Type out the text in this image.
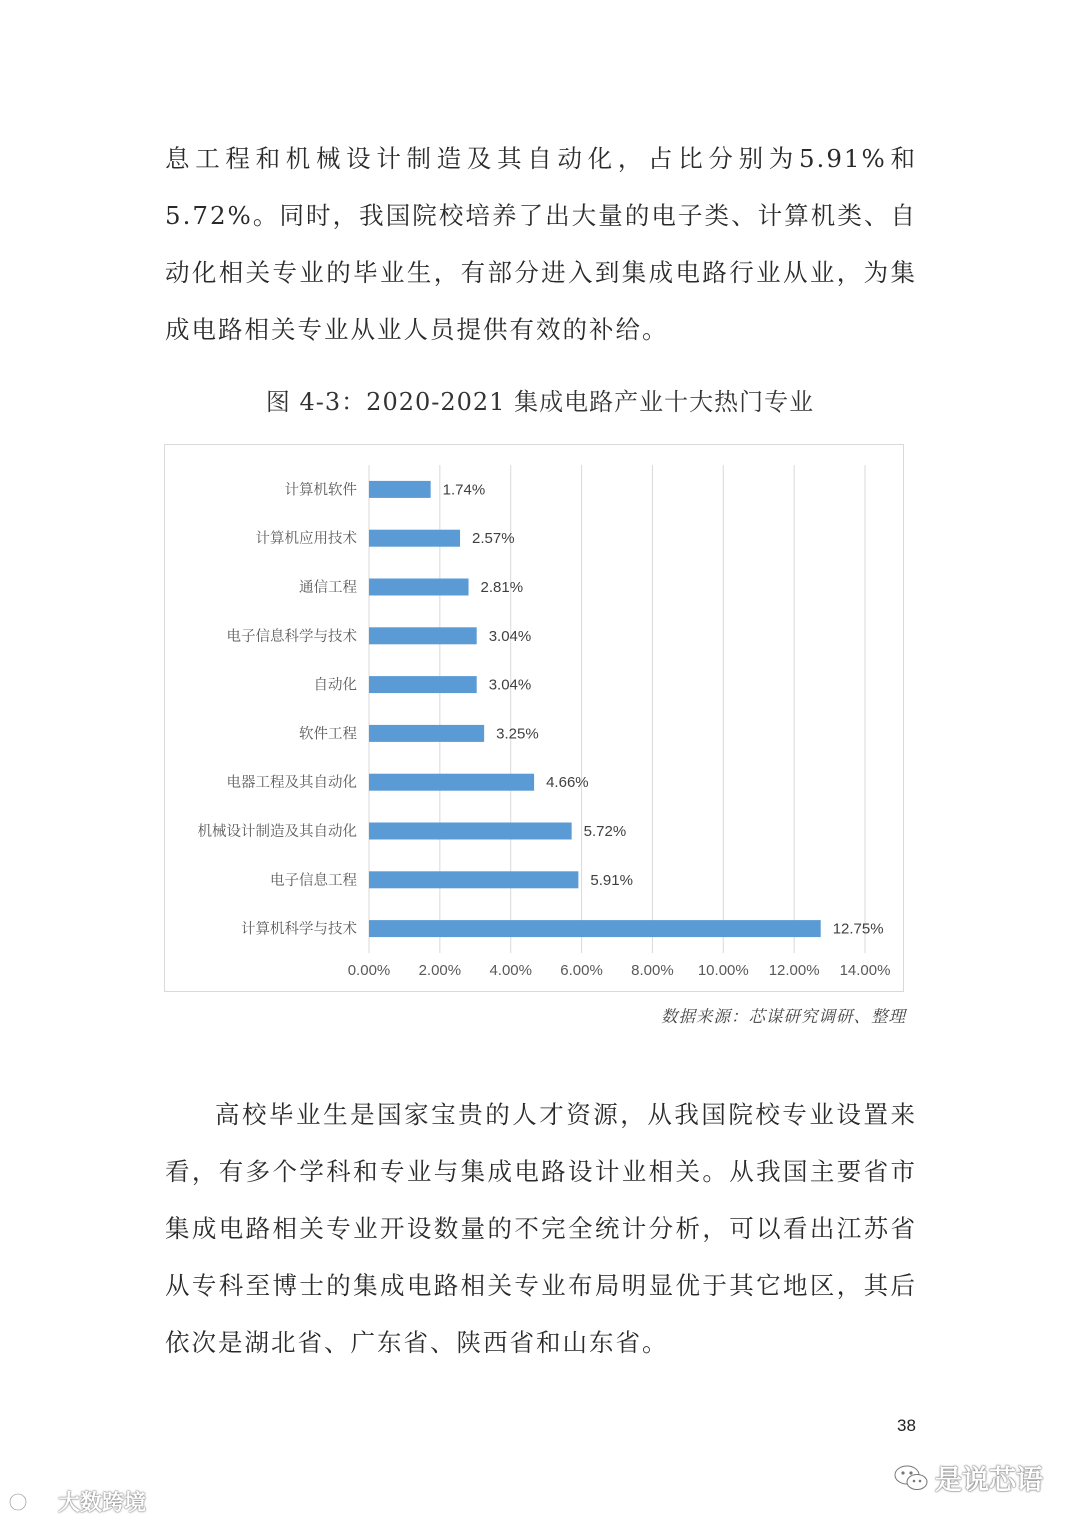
息工程和机械设计制造及其自动化，占比分别为5.91%和5.72%。同时，我国院校培养了出大量的电子类、计算机类、自动化相关专业的毕业生，有部分进入到集成电路行业从业，为集成电路相关专业从业人员提供有效的补给。

图 4-3：2020-2021 集成电路产业十大热门专业
0.00% 2.00% 4.00% 6.00% 8.00% 10.00% 12.00% 14.00%
计算机软件	1.74%
计算机应用技术	2.57%
通信工程	2.81%
电子信息科学与技术	3.04%
自动化	3.04%
软件工程	3.25%
电器工程及其自动化	4.66%
机械设计制造及其自动化	5.72%
电子信息工程	5.91%
计算机科学与技术	12.75%
数据来源：芯谋研究调研、整理

高校毕业生是国家宝贵的人才资源，从我国院校专业设置来看，有多个学科和专业与集成电路设计业相关。从我国主要省市集成电路相关专业开设数量的不完全统计分析，可以看出江苏省从专科至博士的集成电路相关专业布局明显优于其它地区，其后依次是湖北省、广东省、陕西省和山东省。

38
大数跨境
是说芯语
